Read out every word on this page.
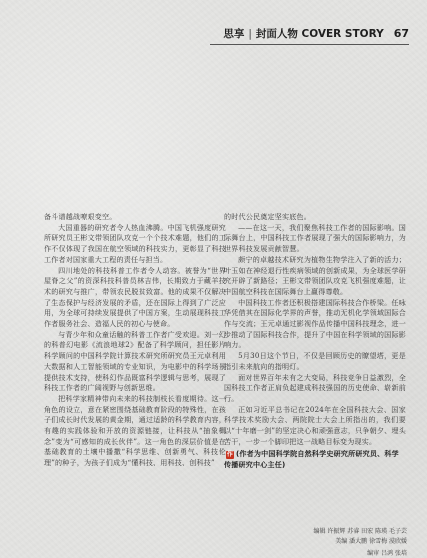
思享 | 封面人物 COVER STORY 67

备斗谱越战嘹艰变空。

大国重器的研究者令人热血沸腾。中国飞机强度研究所研究员王彬文带领团队攻克一个个技术难题，他们的工作不仅体现了我国在航空领域的科技实力，更彰显了科技工作者对国家重大工程的责任与担当。

四川地处的科技科普工作者令人动容。被誉为“世界屋脊之父”的资深科技科普员林吉伟，长期致力于藏羊技术的研究与推广，带领农民脱贫致富。他的成果不仅解决了生态保护与经济发展的矛盾，还在国际上得到了广泛应用，为全球可持续发展提供了中国方案，生动展现科技工作者服务社会、造福人民的初心与使命。

与青少年和众童话触的科普工作者广受欢迎。刘一幻的科普幻电影《流浪地球2》配备了科学顾问，担任影片科学顾问的中国科学院计算技术研究所研究员王元卓利用大数据和人工智能领域的专业知识，为电影中的科学场景提供技术支持，使科幻作品既富科学逻辑与思考，展现了科技工作者的广阔视野与创新思维。

把科学家精神带向未来的科技制枝长看度期待。这一角色的设立，意在紧密围绕基础教育阶段的特殊性，在孩子们成长时代发展的黄金期，通过适龄的科学教育内容，有趣的实践体验和开放的资源链接，让科技从“抽象概念”变为“可感知的成长伙伴”。这一角色的深层价值是在基础教育的土壤中播撒“科学思维、创新勇气、科技伦理”的种子，为孩子们成为“懂科技、用科技、创科技”

的时代公民奠定坚实底色。

——在这一天，我们聚焦科技工作者的国际影响。国际舞台上，中国科技工作者展现了强大的国际影响力，为世界科技发展贡献智慧。

颇宁的卓越技术研究为植物生物学注入了新的活力；叶玉如在神经退行性疾病领域的创新成果，为全球医学研究开辟了新路径；王彬文带领团队攻克飞机强度难题，让中国航空科技在国际舞台上赢得尊敬。

中国科技工作者还积极搭建国际科技合作桥梁。任咏华凭借其在国际化学界的声誉，推动无机化学领域国际合作与交流；王元卓通过影视作品传播中国科技理念，进一步推动了国际科技合作，提升了中国在科学领域的国际影响力。

5月30日这个节日，不仅是回顾历史的瞭望塔，更是指引未来航向的指明灯。

面对世界百年未有之大变局，科技竞争日益激烈，全国科技工作者正肩负起建成科技强国的历史使命、崭新前行。

正如习近平总书记在2024年在全国科技大会、国家科学技术奖励大会、两院院士大会上所指出的，我们要以“十年磨一剑”的坚定决心和顽强意志，只争朝夕、埋头苦干，一步一个脚印把这一战略目标变为现实。

作 (作者为中国科学院自然科学史研究所研究员、科学传播研究中心主任)
编辑 许振辉 苏睿 田宏 陈瑛 毛子芸
美编 潘大鹏 徐雪梅 漠欣媛
编审 吕鸿 张培
